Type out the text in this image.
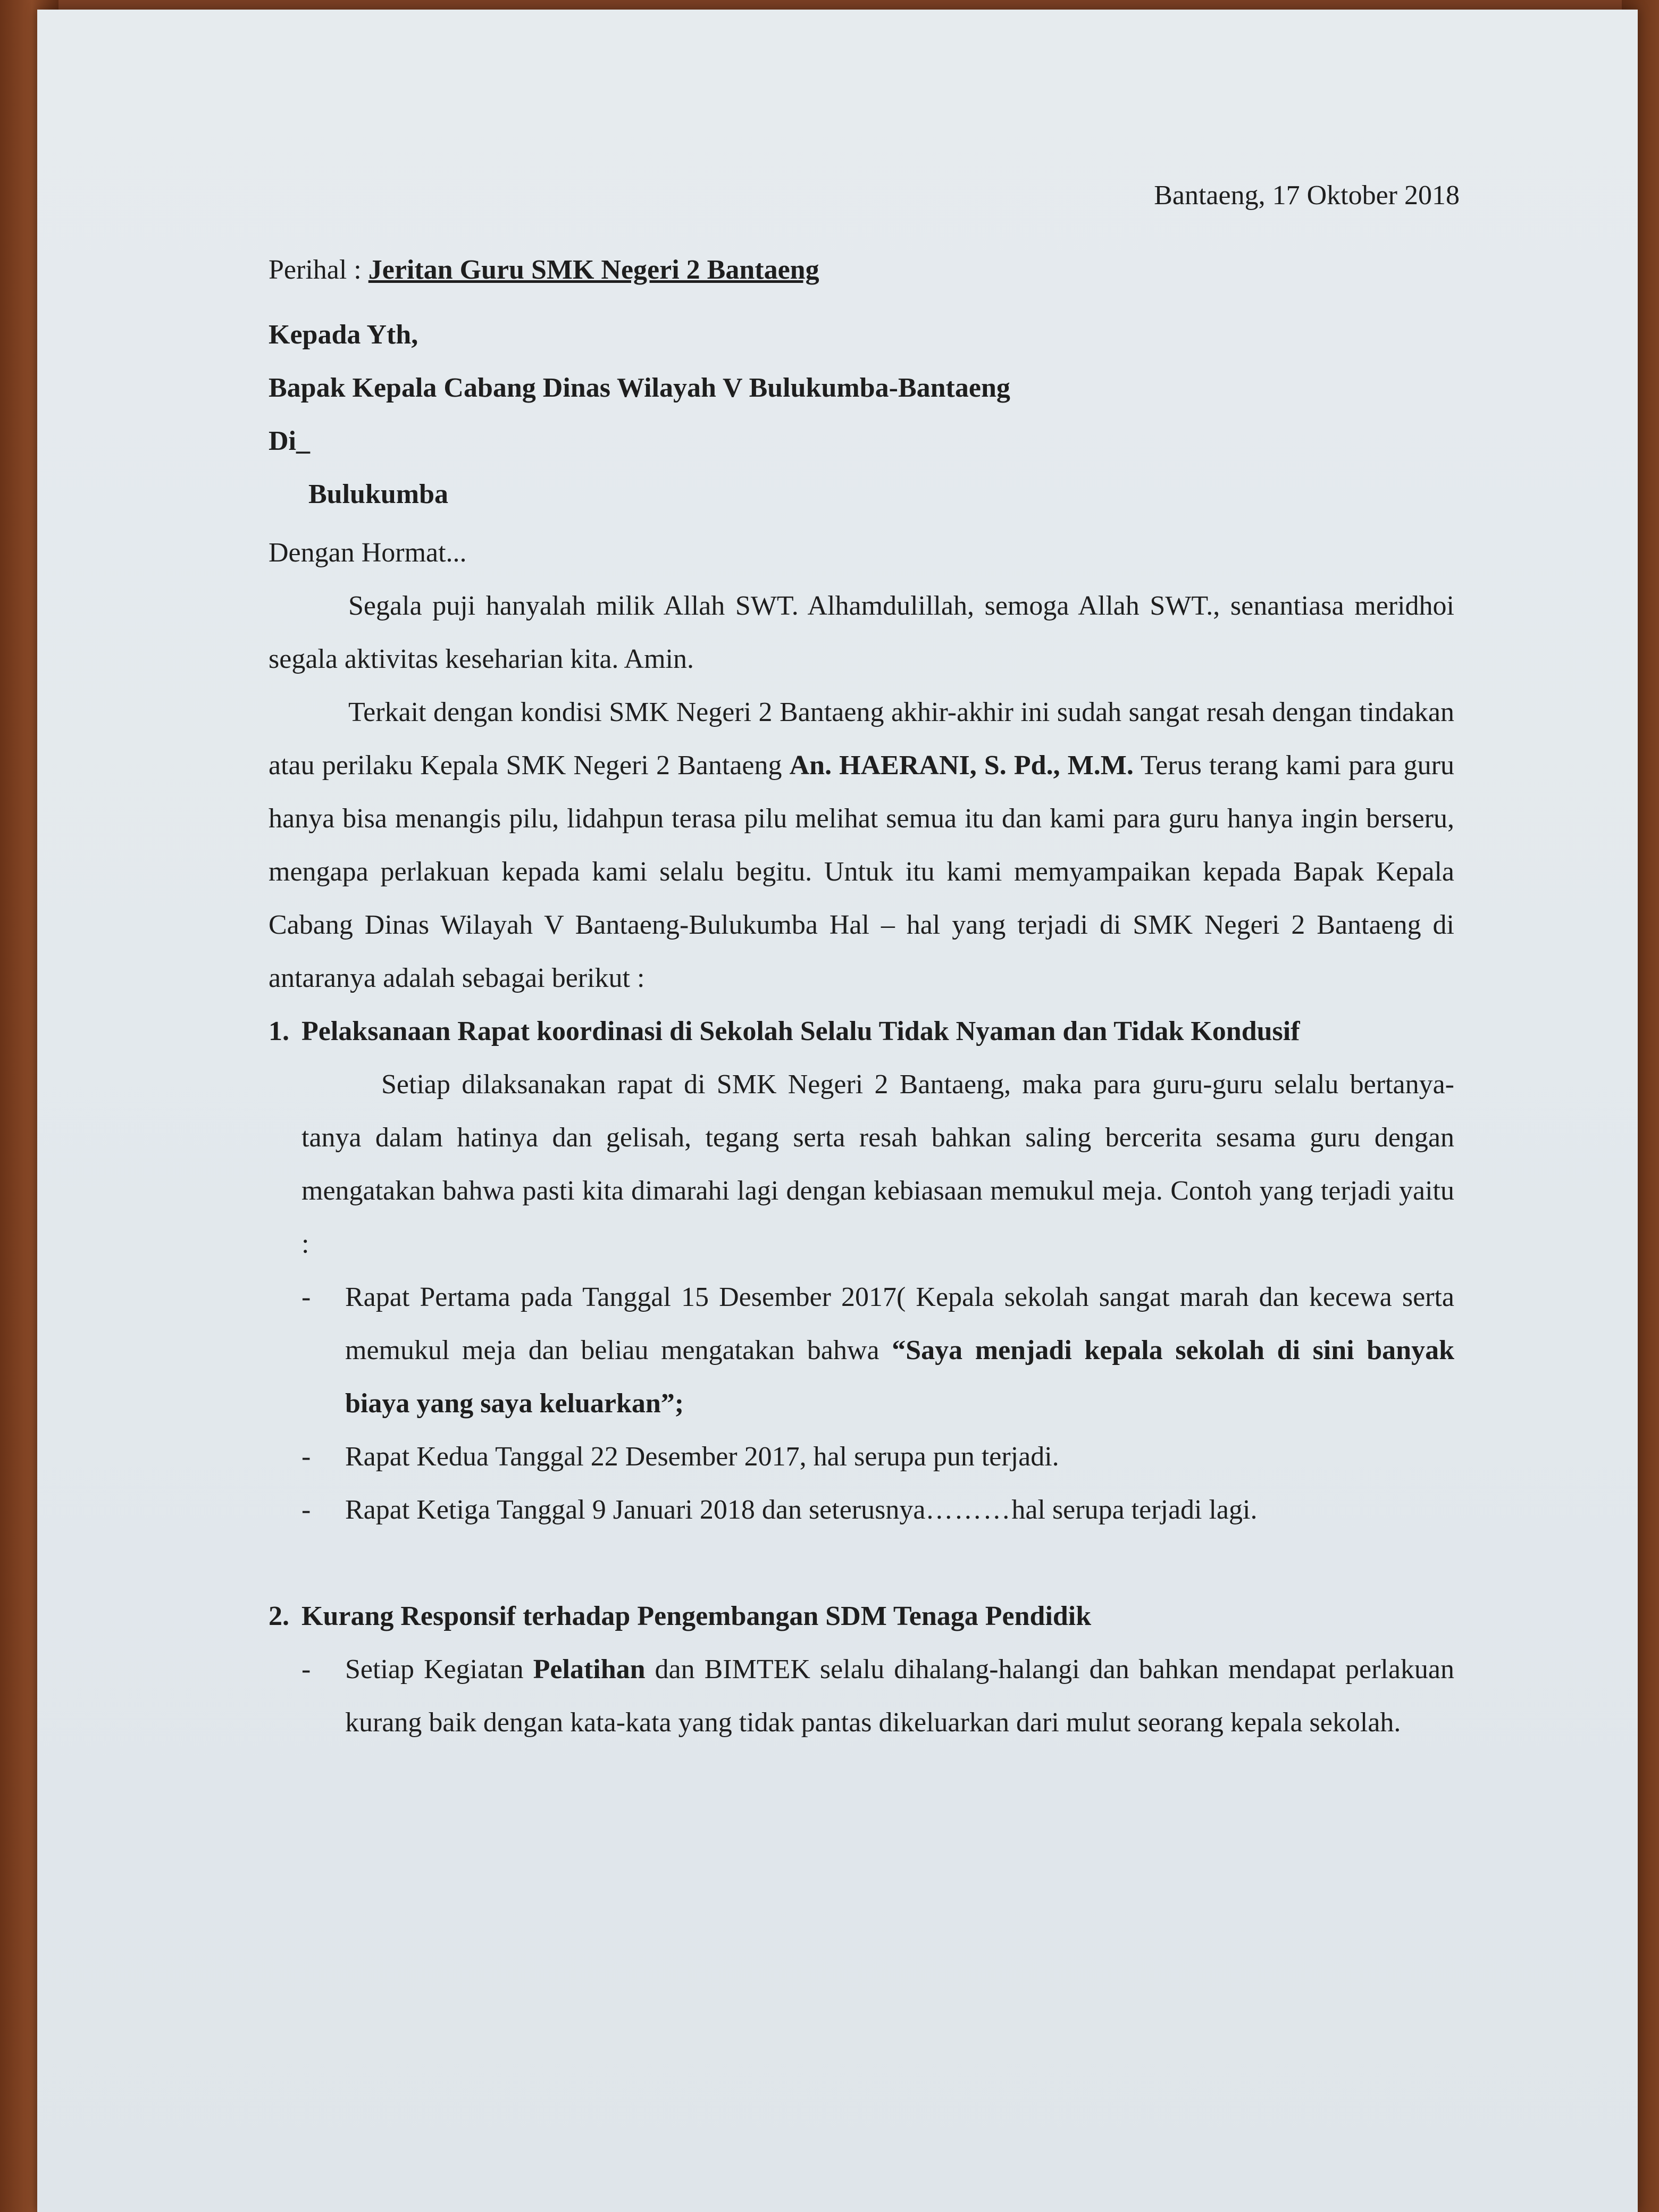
Bantaeng, 17 Oktober 2018
Perihal : Jeritan Guru SMK Negeri 2 Bantaeng
Kepada Yth,
Bapak Kepala Cabang Dinas Wilayah V Bulukumba-Bantaeng
Di_
Bulukumba
Dengan Hormat...

Segala puji hanyalah milik Allah SWT. Alhamdulillah, semoga Allah SWT., senantiasa meridhoi segala aktivitas keseharian kita. Amin.

Terkait dengan kondisi SMK Negeri 2 Bantaeng akhir-akhir ini sudah sangat resah dengan tindakan atau perilaku Kepala SMK Negeri 2 Bantaeng An. HAERANI, S. Pd., M.M. Terus terang kami para guru hanya bisa menangis pilu, lidahpun terasa pilu melihat semua itu dan kami para guru hanya ingin berseru, mengapa perlakuan kepada kami selalu begitu. Untuk itu kami memyampaikan kepada Bapak Kepala Cabang Dinas Wilayah V Bantaeng-Bulukumba Hal – hal yang terjadi di SMK Negeri 2 Bantaeng di antaranya adalah sebagai berikut :

1. Pelaksanaan Rapat koordinasi di Sekolah Selalu Tidak Nyaman dan Tidak Kondusif

Setiap dilaksanakan rapat di SMK Negeri 2 Bantaeng, maka para guru-guru selalu bertanya-tanya dalam hatinya dan gelisah, tegang serta resah bahkan saling bercerita sesama guru dengan mengatakan bahwa pasti kita dimarahi lagi dengan kebiasaan memukul meja. Contoh yang terjadi yaitu :

-	Rapat Pertama pada Tanggal 15 Desember 2017( Kepala sekolah sangat marah dan kecewa serta memukul meja dan beliau mengatakan bahwa “Saya menjadi kepala sekolah di sini banyak biaya yang saya keluarkan”;
-	Rapat Kedua Tanggal 22 Desember 2017, hal serupa pun terjadi.
-	Rapat Ketiga Tanggal 9 Januari 2018 dan seterusnya………hal serupa terjadi lagi.
2. Kurang Responsif terhadap Pengembangan SDM Tenaga Pendidik
-	Setiap Kegiatan Pelatihan dan BIMTEK selalu dihalang-halangi dan bahkan mendapat perlakuan kurang baik dengan kata-kata yang tidak pantas dikeluarkan dari mulut seorang kepala sekolah.
